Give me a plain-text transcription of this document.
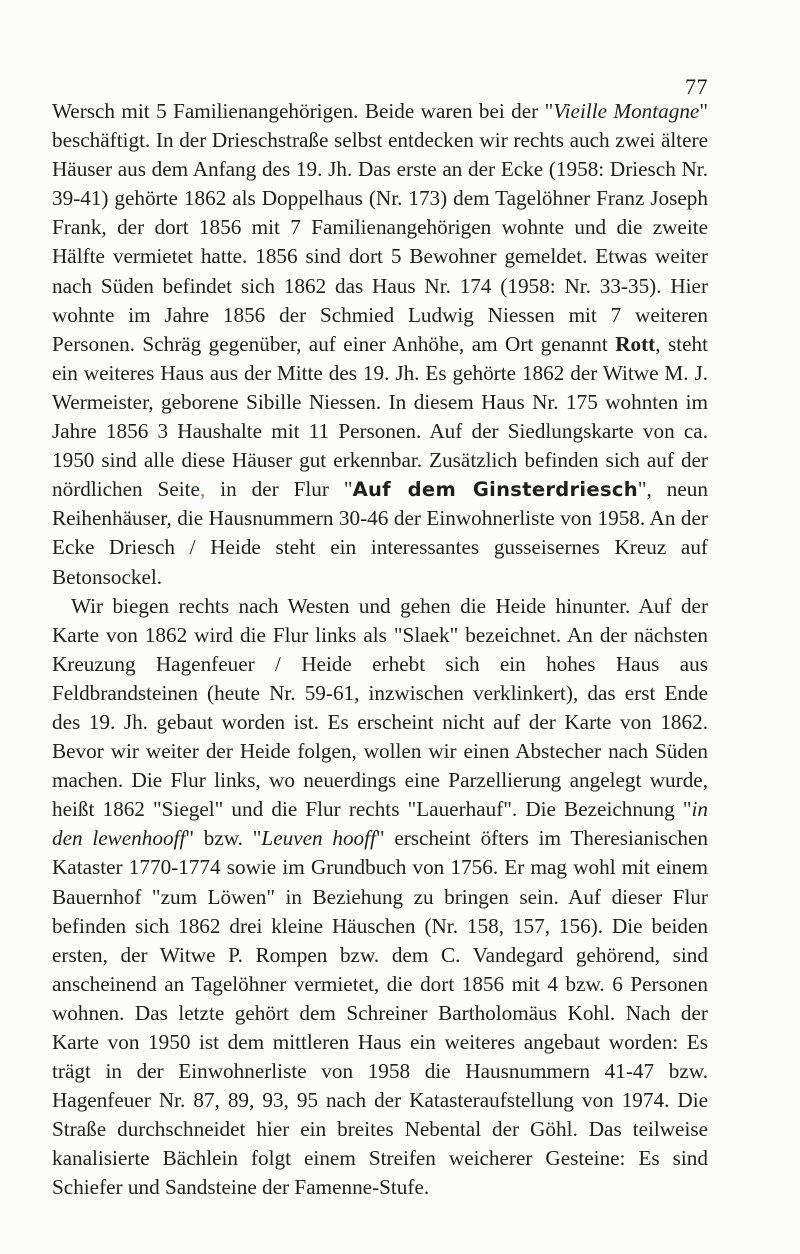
77

Wersch mit 5 Familienangehörigen. Beide waren bei der "Vieille Montagne" beschäftigt. In der Drieschstraße selbst entdecken wir rechts auch zwei ältere Häuser aus dem Anfang des 19. Jh. Das erste an der Ecke (1958: Driesch Nr. 39-41) gehörte 1862 als Doppelhaus (Nr. 173) dem Tagelöhner Franz Joseph Frank, der dort 1856 mit 7 Familienangehörigen wohnte und die zweite Hälfte vermietet hatte. 1856 sind dort 5 Bewohner gemeldet. Etwas weiter nach Süden befindet sich 1862 das Haus Nr. 174 (1958: Nr. 33-35). Hier wohnte im Jahre 1856 der Schmied Ludwig Niessen mit 7 weiteren Personen. Schräg gegenüber, auf einer Anhöhe, am Ort genannt Rott, steht ein weiteres Haus aus der Mitte des 19. Jh. Es gehörte 1862 der Witwe M. J. Wermeister, geborene Sibille Niessen. In diesem Haus Nr. 175 wohnten im Jahre 1856 3 Haushalte mit 11 Personen. Auf der Siedlungskarte von ca. 1950 sind alle diese Häuser gut erkennbar. Zusätzlich befinden sich auf der nördlichen Seite, in der Flur "Auf dem Ginsterdriesch", neun Reihenhäuser, die Hausnummern 30-46 der Einwohnerliste von 1958. An der Ecke Driesch / Heide steht ein interessantes gusseisernes Kreuz auf Betonsockel.

Wir biegen rechts nach Westen und gehen die Heide hinunter. Auf der Karte von 1862 wird die Flur links als "Slaek" bezeichnet. An der nächsten Kreuzung Hagenfeuer / Heide erhebt sich ein hohes Haus aus Feldbrandsteinen (heute Nr. 59-61, inzwischen verklinkert), das erst Ende des 19. Jh. gebaut worden ist. Es erscheint nicht auf der Karte von 1862. Bevor wir weiter der Heide folgen, wollen wir einen Abstecher nach Süden machen. Die Flur links, wo neuerdings eine Parzellierung angelegt wurde, heißt 1862 "Siegel" und die Flur rechts "Lauerhauf". Die Bezeichnung "in den lewenhooff" bzw. "Leuven hooff" erscheint öfters im Theresianischen Kataster 1770-1774 sowie im Grundbuch von 1756. Er mag wohl mit einem Bauernhof "zum Löwen" in Beziehung zu bringen sein. Auf dieser Flur befinden sich 1862 drei kleine Häuschen (Nr. 158, 157, 156). Die beiden ersten, der Witwe P. Rompen bzw. dem C. Vandegard gehörend, sind anscheinend an Tagelöhner vermietet, die dort 1856 mit 4 bzw. 6 Personen wohnen. Das letzte gehört dem Schreiner Bartholomäus Kohl. Nach der Karte von 1950 ist dem mittleren Haus ein weiteres angebaut worden: Es trägt in der Einwohnerliste von 1958 die Hausnummern 41-47 bzw. Hagenfeuer Nr. 87, 89, 93, 95 nach der Katasteraufstellung von 1974. Die Straße durchschneidet hier ein breites Nebental der Göhl. Das teilweise kanalisierte Bächlein folgt einem Streifen weicherer Gesteine: Es sind Schiefer und Sandsteine der Famenne-Stufe.
